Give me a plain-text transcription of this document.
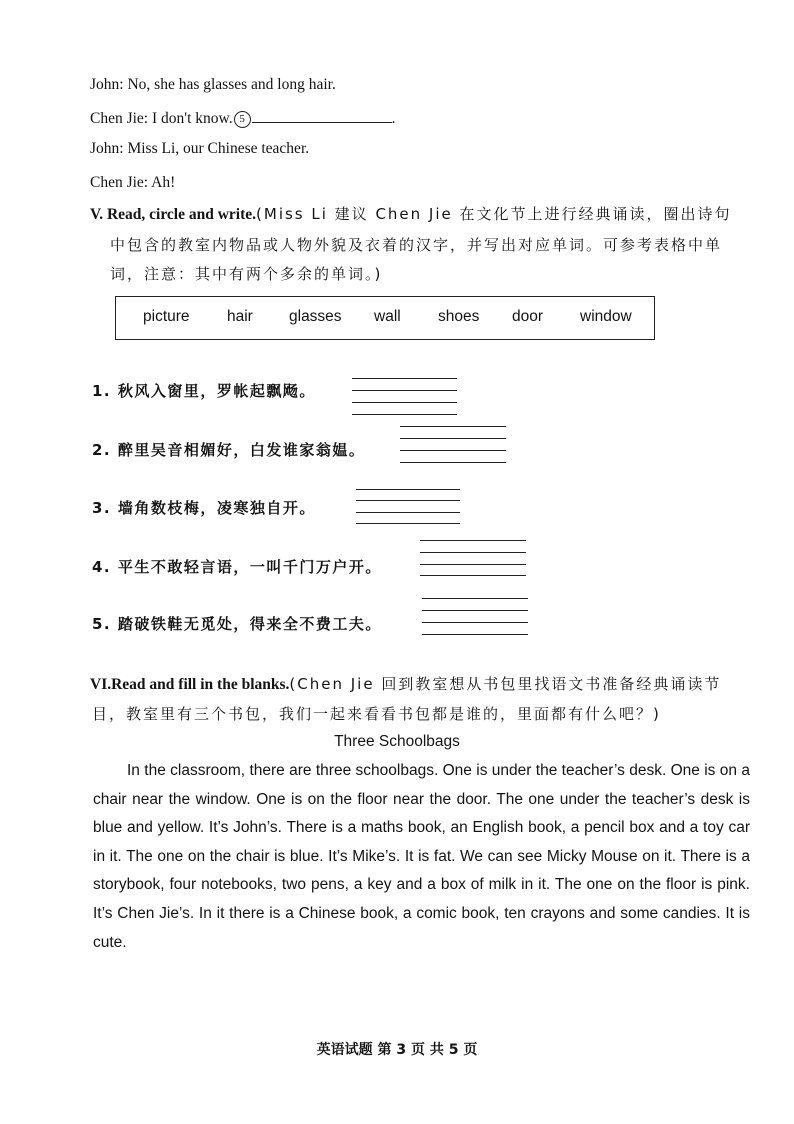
John: No, she has glasses and long hair.
Chen Jie: I don't know. 5	.
John: Miss Li, our Chinese teacher.
Chen Jie: Ah!
V. Read, circle and write.(Miss Li 建议 Chen Jie 在文化节上进行经典诵读，圈出诗句
中包含的教室内物品或人物外貌及衣着的汉字，并写出对应单词。可参考表格中单
词，注意：其中有两个多余的单词。)
picture hair glasses wall shoes door window
1. 秋风入窗里，罗帐起飘飏。
2. 醉里吴音相媚好，白发谁家翁媪。
3. 墙角数枝梅，凌寒独自开。
4. 平生不敢轻言语，一叫千门万户开。
5. 踏破铁鞋无觅处，得来全不费工夫。
VI.Read and fill in the blanks.(Chen Jie 回到教室想从书包里找语文书准备经典诵读节
目，教室里有三个书包，我们一起来看看书包都是谁的，里面都有什么吧？)
Three Schoolbags
In the classroom, there are three schoolbags. One is under the teacher’s desk. One is on a chair near the window. One is on the floor near the door. The one under the teacher’s desk is blue and yellow. It’s John’s. There is a maths book, an English book, a pencil box and a toy car in it. The one on the chair is blue. It’s Mike’s. It is fat. We can see Micky Mouse on it. There is a storybook, four notebooks, two pens, a key and a box of milk in it. The one on the floor is pink. It’s Chen Jie’s. In it there is a Chinese book, a comic book, ten crayons and some candies. It is cute.
英语试题 第 3 页 共 5 页
